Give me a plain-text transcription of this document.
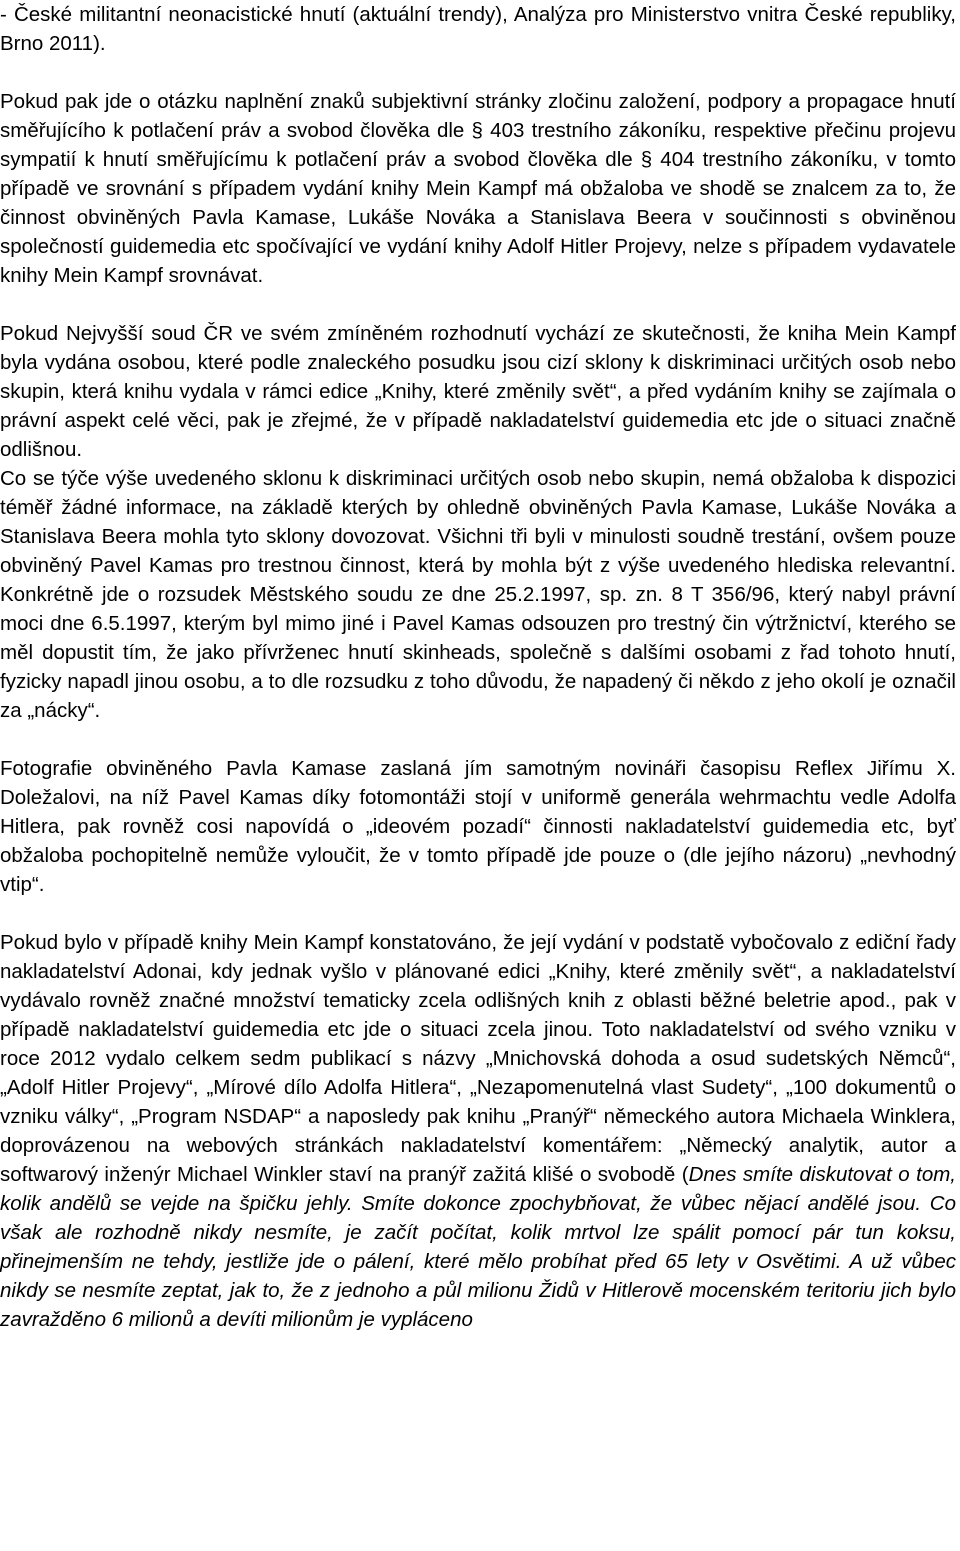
- České militantní neonacistické hnutí (aktuální trendy), Analýza pro Ministerstvo vnitra České republiky, Brno 2011).

Pokud pak jde o otázku naplnění znaků subjektivní stránky zločinu založení, podpory a propagace hnutí směřujícího k potlačení práv a svobod člověka dle § 403 trestního zákoníku, respektive přečinu projevu sympatií k hnutí směřujícímu k potlačení práv a svobod člověka dle § 404 trestního zákoníku, v tomto případě ve srovnání s případem vydání knihy Mein Kampf má obžaloba ve shodě se znalcem za to, že činnost obviněných Pavla Kamase, Lukáše Nováka a Stanislava Beera v součinnosti s obviněnou společností guidemedia etc spočívající ve vydání knihy Adolf Hitler Projevy, nelze s případem vydavatele knihy Mein Kampf srovnávat.

Pokud Nejvyšší soud ČR ve svém zmíněném rozhodnutí vychází ze skutečnosti, že kniha Mein Kampf byla vydána osobou, které podle znaleckého posudku jsou cizí sklony k diskriminaci určitých osob nebo skupin, která knihu vydala v rámci edice „Knihy, které změnily svět“, a před vydáním knihy se zajímala o právní aspekt celé věci, pak je zřejmé, že v případě nakladatelství guidemedia etc jde o situaci značně odlišnou.

Co se týče výše uvedeného sklonu k diskriminaci určitých osob nebo skupin, nemá obžaloba k dispozici téměř žádné informace, na základě kterých by ohledně obviněných Pavla Kamase, Lukáše Nováka a Stanislava Beera mohla tyto sklony dovozovat. Všichni tři byli v minulosti soudně trestání, ovšem pouze obviněný Pavel Kamas pro trestnou činnost, která by mohla být z výše uvedeného hlediska relevantní. Konkrétně jde o rozsudek Městského soudu ze dne 25.2.1997, sp. zn. 8 T 356/96, který nabyl právní moci dne 6.5.1997, kterým byl mimo jiné i Pavel Kamas odsouzen pro trestný čin výtržnictví, kterého se měl dopustit tím, že jako přívrženec hnutí skinheads, společně s dalšími osobami z řad tohoto hnutí, fyzicky napadl jinou osobu, a to dle rozsudku z toho důvodu, že napadený či někdo z jeho okolí je označil za „nácky“.

Fotografie obviněného Pavla Kamase zaslaná jím samotným novináři časopisu Reflex Jiřímu X. Doležalovi, na níž Pavel Kamas díky fotomontáži stojí v uniformě generála wehrmachtu vedle Adolfa Hitlera, pak rovněž cosi napovídá o „ideovém pozadí“ činnosti nakladatelství guidemedia etc, byť obžaloba pochopitelně nemůže vyloučit, že v tomto případě jde pouze o (dle jejího názoru) „nevhodný vtip“.

Pokud bylo v případě knihy Mein Kampf konstatováno, že její vydání v podstatě vybočovalo z ediční řady nakladatelství Adonai, kdy jednak vyšlo v plánované edici „Knihy, které změnily svět“, a nakladatelství vydávalo rovněž značné množství tematicky zcela odlišných knih z oblasti běžné beletrie apod., pak v případě nakladatelství guidemedia etc jde o situaci zcela jinou. Toto nakladatelství od svého vzniku v roce 2012 vydalo celkem sedm publikací s názvy „Mnichovská dohoda a osud sudetských Němců“, „Adolf Hitler Projevy“, „Mírové dílo Adolfa Hitlera“, „Nezapomenutelná vlast Sudety“, „100 dokumentů o vzniku války“, „Program NSDAP“ a naposledy pak knihu „Pranýř“ německého autora Michaela Winklera, doprovázenou na webových stránkách nakladatelství komentářem: „Německý analytik, autor a softwarový inženýr Michael Winkler staví na pranýř zažitá klišé o svobodě (Dnes smíte diskutovat o tom, kolik andělů se vejde na špičku jehly. Smíte dokonce zpochybňovat, že vůbec nějací andělé jsou. Co však ale rozhodně nikdy nesmíte, je začít počítat, kolik mrtvol lze spálit pomocí pár tun koksu, přinejmenším ne tehdy, jestliže jde o pálení, které mělo probíhat před 65 lety v Osvětimi. A už vůbec nikdy se nesmíte zeptat, jak to, že z jednoho a půl milionu Židů v Hitlerově mocenském teritoriu jich bylo zavražděno 6 milionů a devíti milionům je vypláceno
